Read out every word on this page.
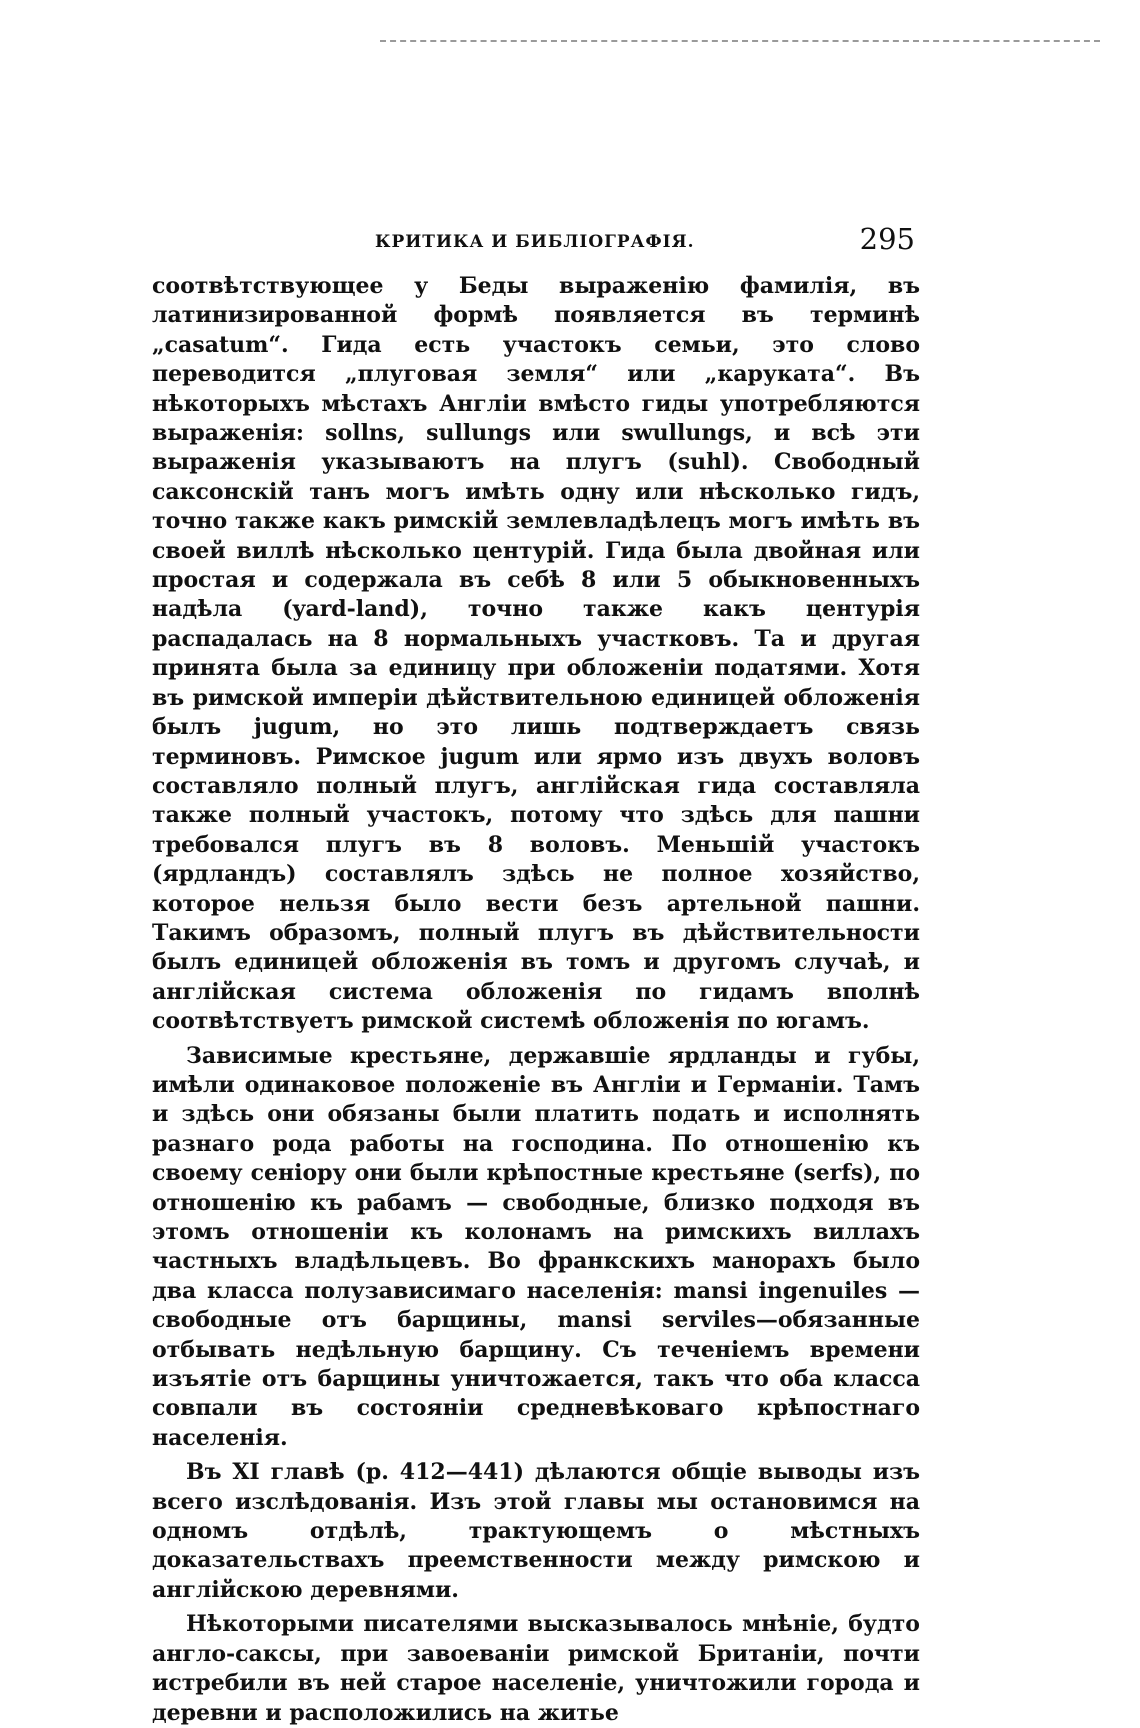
КРИТИКА И БИБЛІОГРАФІЯ.	295

соотвѣтствующее у Беды выраженію фамилія, въ латинизированной формѣ появляется въ терминѣ „casatum“. Гида есть участокъ семьи, это слово переводится „плуговая земля“ или „каруката“. Въ нѣкоторыхъ мѣстахъ Англіи вмѣсто гиды употребляются выраженія: sollns, sullungs или swullungs, и всѣ эти выраженія указываютъ на плугъ (suhl). Свободный саксонскій танъ могъ имѣть одну или нѣсколько гидъ, точно также какъ римскій землевладѣлецъ могъ имѣть въ своей виллѣ нѣсколько центурій. Гида была двойная или простая и содержала въ себѣ 8 или 5 обыкновенныхъ надѣла (yard-land), точно также какъ центурія распадалась на 8 нормальныхъ участковъ. Та и другая принята была за единицу при обложеніи податями. Хотя въ римской имперіи дѣйствительною единицей обложенія былъ jugum, но это лишь подтверждаетъ связь терминовъ. Римское jugum или ярмо изъ двухъ воловъ составляло полный плугъ, англійская гида составляла также полный участокъ, потому что здѣсь для пашни требовался плугъ въ 8 воловъ. Меньшій участокъ (ярдландъ) составлялъ здѣсь не полное хозяйство, которое нельзя было вести безъ артельной пашни. Такимъ образомъ, полный плугъ въ дѣйствительности былъ единицей обложенія въ томъ и другомъ случаѣ, и англійская система обложенія по гидамъ вполнѣ соотвѣтствуетъ римской системѣ обложенія по югамъ.

Зависимые крестьяне, державшіе ярдланды и губы, имѣли одинаковое положеніе въ Англіи и Германіи. Тамъ и здѣсь они обязаны были платить подать и исполнять разнаго рода работы на господина. По отношенію къ своему сеніору они были крѣпостные крестьяне (serfs), по отношенію къ рабамъ — свободные, близко подходя въ этомъ отношеніи къ колонамъ на римскихъ виллахъ частныхъ владѣльцевъ. Во франкскихъ манорахъ было два класса полузависимаго населенія: mansi ingenuiles — свободные отъ барщины, mansi serviles—обязанные отбывать недѣльную барщину. Съ теченіемъ времени изъятіе отъ барщины уничтожается, такъ что оба класса совпали въ состояніи средневѣковаго крѣпостнаго населенія.

Въ XI главѣ (p. 412—441) дѣлаются общіе выводы изъ всего изслѣдованія. Изъ этой главы мы остановимся на одномъ отдѣлѣ, трактующемъ о мѣстныхъ доказательствахъ преемственности между римскою и англійскою деревнями.

Нѣкоторыми писателями высказывалось мнѣніе, будто англо-саксы, при завоеваніи римской Британіи, почти истребили въ ней старое населеніе, уничтожили города и деревни и расположились на житье
